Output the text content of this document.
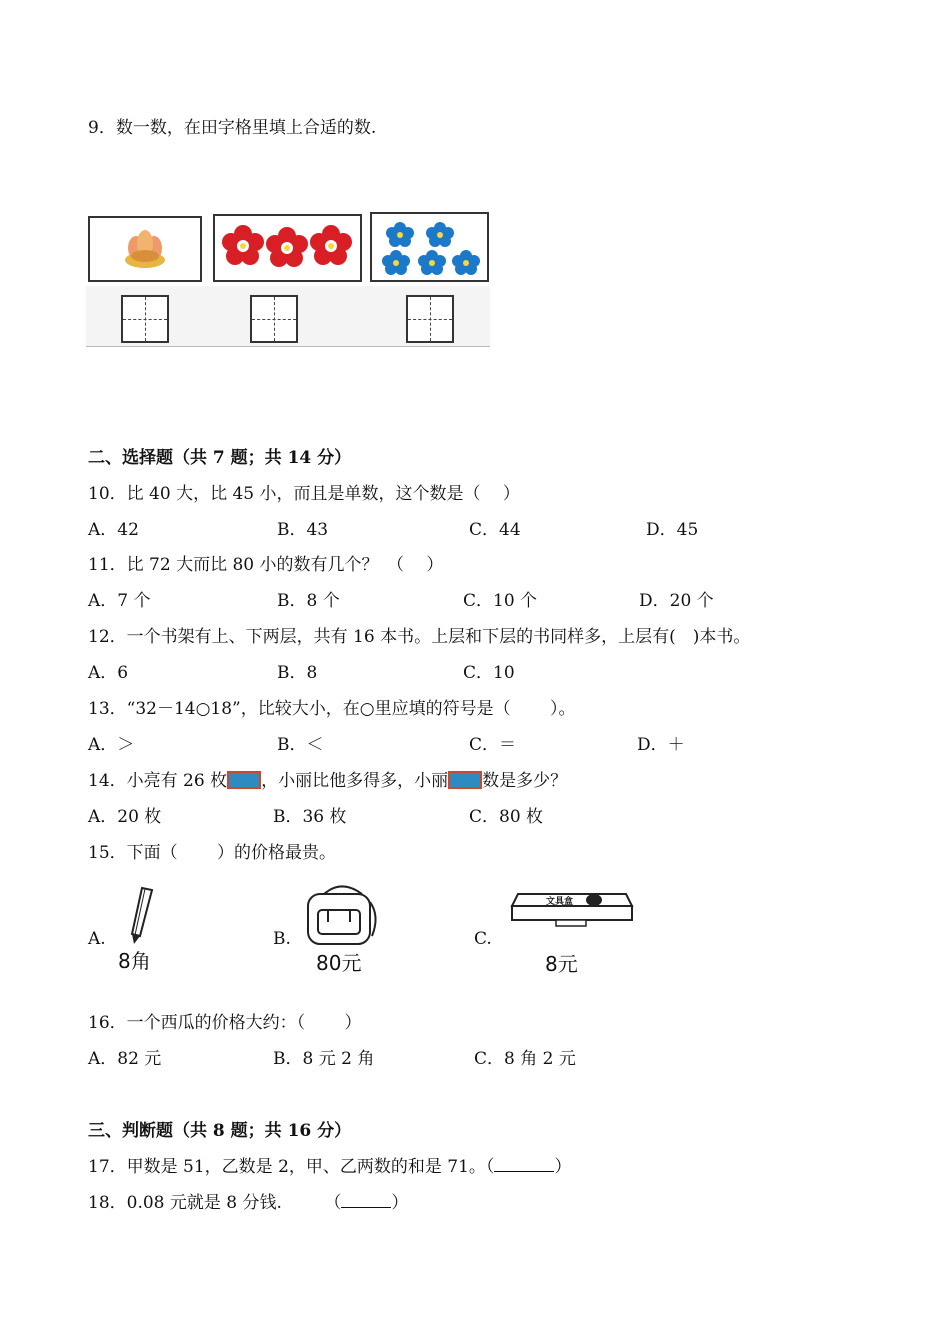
9．数一数，在田字格里填上合适的数.
二、选择题（共 7 题；共 14 分）
10．比 40 大，比 45 小，而且是单数，这个数是（　 ）
A．42	B．43	C．44	D．45
11．比 72 大而比 80 小的数有几个？　（　 ）
A．7 个	B．8 个	C．10 个	D．20 个
12．一个书架有上、下两层，共有 16 本书。上层和下层的书同样多，上层有(　)本书。
A．6	B．8	C．10
13．“32－14○18”，比较大小，在○里应填的符号是（　　 ）。
A．＞	B．＜	C．＝	D．＋
14．小亮有 26 枚 ，小丽比他多得多，小丽 数是多少？
A．20 枚	B．36 枚	C．80 枚
15．下面（　　 ）的价格最贵。
A.
8角
B.
80元
C.
文具盒
8元
16．一个西瓜的价格大约：（　　 ）
A．82 元	B．8 元 2 角	C．8 角 2 元
三、判断题（共 8 题；共 16 分）
17．甲数是 51，乙数是 2，甲、乙两数的和是 71。（	）
18．0.08 元就是 8 分钱.　　　（	）
